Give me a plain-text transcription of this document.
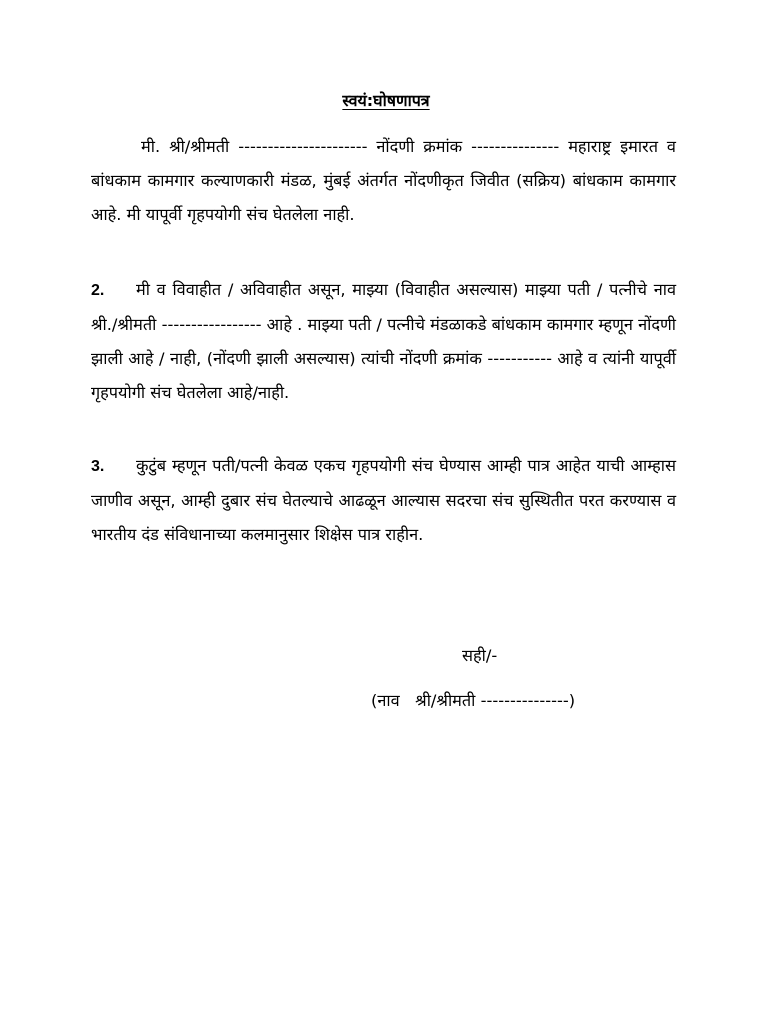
स्वयं:घोषणापत्र

मी. श्री/श्रीमती ---------------------- नोंदणी क्रमांक --------------- महाराष्ट्र इमारत व बांधकाम कामगार कल्याणकारी मंडळ, मुंबई अंतर्गत नोंदणीकृत जिवीत (सक्रिय) बांधकाम कामगार आहे. मी यापूर्वी गृहपयोगी संच घेतलेला नाही.

2. मी व विवाहीत / अविवाहीत असून, माझ्या (विवाहीत असल्यास) माझ्या पती / पत्नीचे नाव श्री./श्रीमती ----------------- आहे . माझ्या पती / पत्नीचे मंडळाकडे बांधकाम कामगार म्हणून नोंदणी झाली आहे / नाही, (नोंदणी झाली असल्यास) त्यांची नोंदणी क्रमांक ----------- आहे व त्यांनी यापूर्वी गृहपयोगी संच घेतलेला आहे/नाही.

3. कुटुंब म्हणून पती/पत्नी केवळ एकच गृहपयोगी संच घेण्यास आम्ही पात्र आहेत याची आम्हास जाणीव असून, आम्ही दुबार संच घेतल्याचे आढळून आल्यास सदरचा संच सुस्थितीत परत करण्यास व भारतीय दंड संविधानाच्या कलमानुसार शिक्षेस पात्र राहीन.

सही/-
(नाव   श्री/श्रीमती ---------------)
